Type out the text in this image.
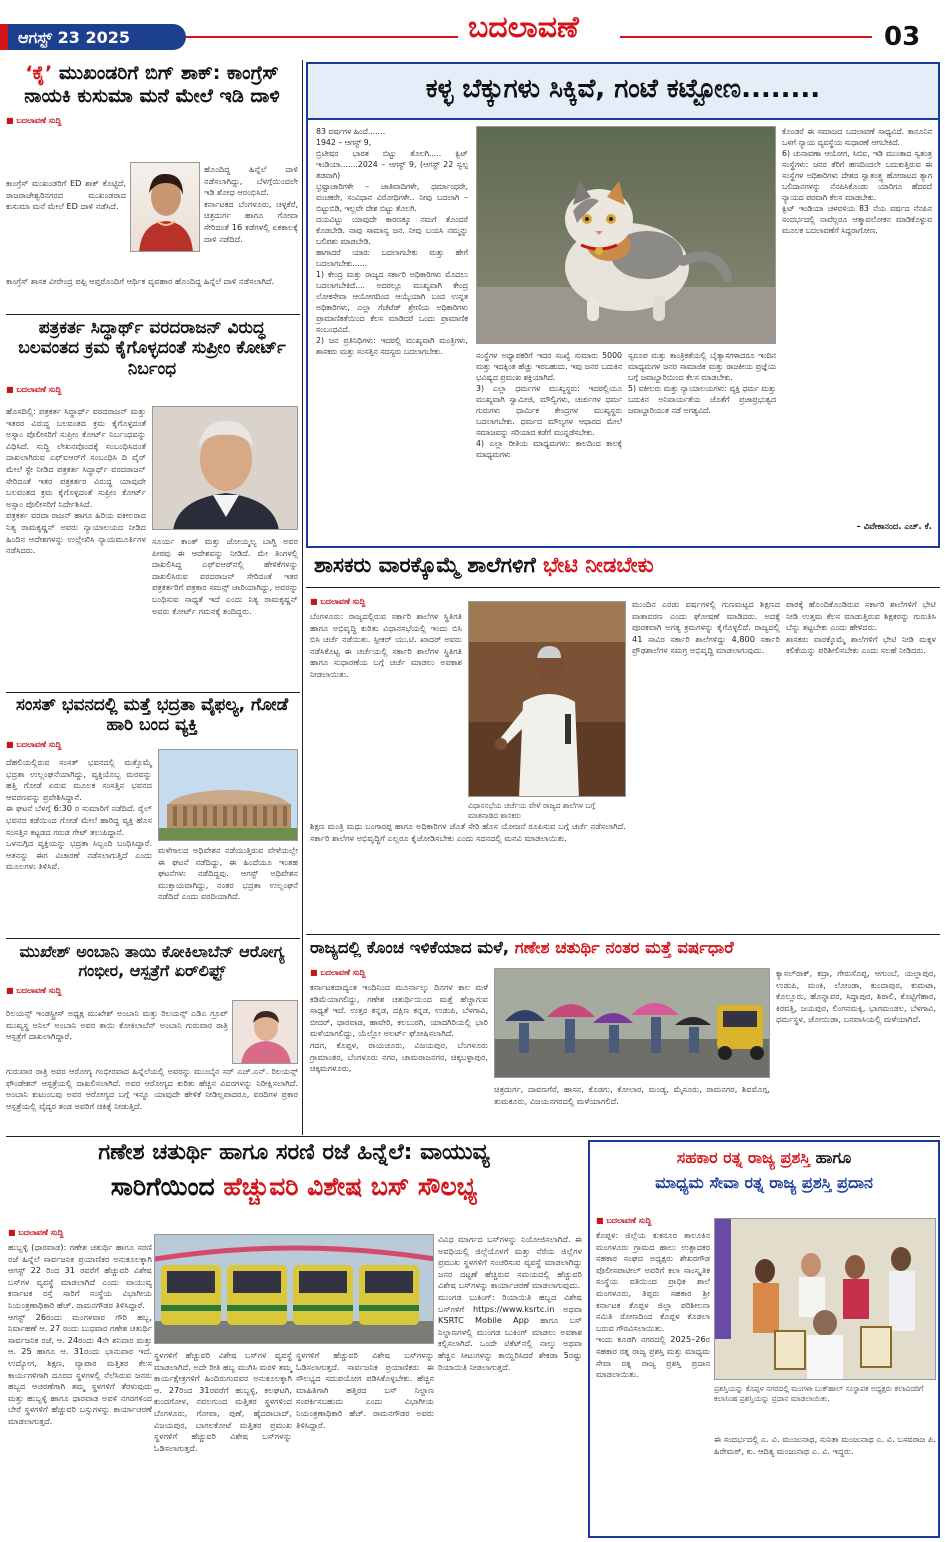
ಆಗಸ್ಟ್ 23 2025	ಬದಲಾವಣೆ	03
‘ಕೈ’ ಮುಖಂಡರಿಗೆ ಬಿಗ್ ಶಾಕ್: ಕಾಂಗ್ರೆಸ್ ನಾಯಕಿ ಕುಸುಮಾ ಮನೆ ಮೇಲೆ ಇಡಿ ದಾಳಿ
■ ಬದಲಾವಣೆ ಸುದ್ದಿ
ಕಾಂಗ್ರೆಸ್ ಮುಖಂಡರಿಗೆ ED ಶಾಕ್ ಕೊಟ್ಟಿದೆ, ರಾಜರಾಜೇಶ್ವರಿನಗರದ ಮುಖಂಡರಾದ ಕುಸುಮಾ ಮನೆ ಮೇಲೆ ED ದಾಳಿ ನಡೆಸಿದೆ.
ಹೊಂದಿದ್ದ ಹಿನ್ನೆಲೆ ದಾಳಿ ನಡೆಸಲಾಗಿದ್ದು, ಬೆಳಗ್ಗೆಯಿಂದಲೇ ಇಡಿ ಶೋಧ ಆರಂಭಿಸಿದೆ.
ಕರ್ನಾಟಕದ ಬೆಂಗಳೂರು, ಚಳ್ಳಕೆರೆ, ಚಿತ್ರದುರ್ಗ ಹಾಗೂ ಗೋವಾ ಸೇರಿದಂತೆ 16 ಕಡೆಗಳಲ್ಲಿ ಏಕಕಾಲಕ್ಕೆ ದಾಳಿ ನಡೆದಿದೆ.
ಕಾಂಗ್ರೆಸ್ ಶಾಸಕ ವೀರೇಂದ್ರ ಪಪ್ಪಿ ಆಪ್ತರೊಂದಿಗೆ ಆರ್ಥಿಕ ವ್ಯವಹಾರ ಹೊಂದಿದ್ದ ಹಿನ್ನೆಲೆ ದಾಳಿ ನಡೆಸಲಾಗಿದೆ.
ಪತ್ರಕರ್ತ ಸಿದ್ಧಾರ್ಥ್ ವರದರಾಜನ್ ವಿರುದ್ಧ ಬಲವಂತದ ಕ್ರಮ ಕೈಗೊಳ್ಳದಂತೆ ಸುಪ್ರೀಂ ಕೋರ್ಟ್ ನಿರ್ಬಂಧ
■ ಬದಲಾವಣೆ ಸುದ್ದಿ
ಹೊಸದಿಲ್ಲಿ: ಪತ್ರಕರ್ತ ಸಿದ್ಧಾರ್ಥ್ ವರದರಾಜನ್ ಮತ್ತು ಇತರರ ವಿರುದ್ಧ ಬಲವಂತದ ಕ್ರಮ ಕೈಗೊಳ್ಳದಂತೆ ಅಸ್ಸಾಂ ಪೊಲೀಸರಿಗೆ ಸುಪ್ರೀಂ ಕೋರ್ಟ್ ನಿರ್ಬಂಧವನ್ನು ವಿಧಿಸಿದೆ. ಸುದ್ದಿ ಲೇಖನವೊಂದಕ್ಕೆ ಸಂಬಂಧಿಸಿದಂತೆ ದಾಖಲಾಗಿರುವ ಎಫ್‌ಐಆರ್‌ಗೆ ಸಂಬಂಧಿಸಿ ದಿ ವೈರ್ ಮೇಲೆ ಸ್ಟೇ ನೀಡಿದ ಪತ್ರಕರ್ತ ಸಿದ್ಧಾರ್ಥ್ ವರದರಾಜನ್ ಸೇರಿದಂತೆ ಇತರ ಪತ್ರಕರ್ತರ ವಿರುದ್ಧ ಯಾವುದೇ ಬಲವಂತದ ಕ್ರಮ ಕೈಗೊಳ್ಳದಂತೆ ಸುಪ್ರೀಂ ಕೋರ್ಟ್ ಅಸ್ಸಾಂ ಪೊಲೀಸರಿಗೆ ನಿರ್ದೇಶಿಸಿದೆ.
ಪತ್ರಕರ್ತ ವರದಾ ರಾಜನ್ ಹಾಗೂ ಹಿರಿಯ ವಕೀಲರಾದ ನಿತ್ಯ ರಾಮಕೃಷ್ಣನ್ ಅವರು ನ್ಯಾಯಾಲಯದ ನೀಡಿದ ಹಿಂದಿನ ಆದೇಶಗಳನ್ನು ಉಲ್ಲೇಖಿಸಿ ನ್ಯಾಯಮೂರ್ತಿಗಳ ನಡೆಸಿದರು.
ಸೂರ್ಯ ಕಾಂತ್ ಮತ್ತು ಜೋಯ್ಮಲ್ಯ ಬಾಗ್ಚಿ ಅವರ ಪೀಠವು ಈ ಆದೇಶವನ್ನು ನೀಡಿದೆ. ಮೇ ತಿಂಗಳಲ್ಲಿ ದಾಖಲಿಸಿದ್ದ ಎಫ್‌ಐಆರ್‌ನಲ್ಲಿ ಹೇಳಿಕೆಗಳನ್ನು ದಾಖಲಿಸಿರುವ ವರದರಾಜನ್ ಸೇರಿದಂತೆ ಇತರ ಪತ್ರಕರ್ತರಿಗೆ ಪತ್ರಕಾರ ಸಮನ್ಸ್ ಜಾರಿಯಾಗಿದ್ದು, ಅವರನ್ನು ಬಂಧಿಸುವ ಸಾಧ್ಯತೆ ಇದೆ ಎಂದು ನಿತ್ಯ ರಾಮಕೃಷ್ಣನ್ ಅವರು ಕೋರ್ಟ್ ಗಮನಕ್ಕೆ ತಂದಿದ್ದರು.
ಸಂಸತ್ ಭವನದಲ್ಲಿ ಮತ್ತೆ ಭದ್ರತಾ ವೈಫಲ್ಯ, ಗೋಡೆ ಹಾರಿ ಬಂದ ವ್ಯಕ್ತಿ
■ ಬದಲಾವಣೆ ಸುದ್ದಿ
ದೆಹಲಿಯಲ್ಲಿರುವ ಸಂಸತ್ ಭವನದಲ್ಲಿ ಮತ್ತೊಮ್ಮೆ ಭದ್ರತಾ ಉಲ್ಲಂಘನೆಯಾಗಿದ್ದು, ವ್ಯಕ್ತಿಯೊಬ್ಬ ಮರವನ್ನು ಹತ್ತಿ ಗೋಡೆ ಏರುವ ಮೂಲಕ ಸಂಸತ್ತಿನ ಭವನದ ಆವರಣವನ್ನು ಪ್ರವೇಶಿಸಿದ್ದಾನೆ.
ಈ ಘಟನೆ ಬೆಳಗ್ಗೆ 6:30 ರ ಸುಮಾರಿಗೆ ನಡೆದಿದೆ. ರೈಲ್ ಭವನದ ಕಡೆಯಿಂದ ಗೋಡೆ ಮೇಲೆ ಹಾರಿದ್ದ ವ್ಯಕ್ತಿ ಹೊಸ ಸಂಸತ್ತಿನ ಕಟ್ಟಡದ ಗರುಡ ಗೇಟ್ ತಲುಪಿದ್ದಾನೆ.
ಒಳನುಗ್ಗಿದ ವ್ಯಕ್ತಿಯನ್ನು ಭದ್ರತಾ ಸಿಬ್ಬಂದಿ ಬಂಧಿಸಿದ್ದಾರೆ. ಆತನನ್ನು ಈಗ ವಿಚಾರಣೆ ನಡೆಸಲಾಗುತ್ತಿದೆ ಎಂದು ಮೂಲಗಳು ತಿಳಿಸಿವೆ.
ಮಳೆಗಾಲದ ಅಧಿವೇಶನ ನಡೆಯುತ್ತಿರುವ ವೇಳೆಯಲ್ಲೇ ಈ ಘಟನೆ ನಡೆದಿದ್ದು, ಈ ಹಿಂದೆಯೂ ಇಂತಹ ಘಟನೆಗಳು ನಡೆದಿದ್ದವು. ಆಗಸ್ಟ್ ಅಧಿವೇಶನ ಮುಕ್ತಾಯವಾಗಿದ್ದು, ನಂತರ ಭದ್ರತಾ ಉಲ್ಲಂಘನೆ ನಡೆದಿದೆ ಎಂದು ವರದಿಯಾಗಿದೆ.
ಮುಖೇಶ್ ಅಂಬಾನಿ ತಾಯಿ ಕೋಕಿಲಾಬೆನ್ ಆರೋಗ್ಯ ಗಂಭೀರ, ಆಸ್ಪತ್ರೆಗೆ ಏರ್‌ಲಿಫ್ಟ್
■ ಬದಲಾವಣೆ ಸುದ್ದಿ
ರಿಲಯನ್ಸ್ ಇಂಡಸ್ಟ್ರೀಸ್ ಅಧ್ಯಕ್ಷ ಮುಖೇಶ್ ಅಂಬಾನಿ ಮತ್ತು ರಿಲಯನ್ಸ್ ಎಡಿಎ ಗ್ರೂಪ್ ಮುಖ್ಯಸ್ಥ ಅನಿಲ್ ಅಂಬಾನಿ ಅವರ ತಾಯಿ ಕೋಕಿಲಾಬೆನ್ ಅಂಬಾನಿ ಗುರುವಾರ ರಾತ್ರಿ ಆಸ್ಪತ್ರೆಗೆ ದಾಖಲಾಗಿದ್ದಾರೆ.
ಗುರುವಾರ ರಾತ್ರಿ ಅವರ ಆರೋಗ್ಯ ಗಂಭೀರವಾದ ಹಿನ್ನೆಲೆಯಲ್ಲಿ ಅವರನ್ನು ಮುಂಬೈನ ಸರ್ ಎಚ್.ಎನ್. ರಿಲಯನ್ಸ್ ಫೌಂಡೇಶನ್ ಆಸ್ಪತ್ರೆಯಲ್ಲಿ ದಾಖಲಿಸಲಾಗಿದೆ. ಅವರ ಆರೋಗ್ಯದ ಕುರಿತು ಹೆಚ್ಚಿನ ವಿವರಗಳನ್ನು ನಿರೀಕ್ಷಿಸಲಾಗಿದೆ. ಅಂಬಾನಿ ಕುಟುಂಬವು ಅವರ ಆರೋಗ್ಯದ ಬಗ್ಗೆ ಇನ್ನೂ ಯಾವುದೇ ಹೇಳಿಕೆ ನೀಡಿಲ್ಲವಾದರೂ, ವರದಿಗಳ ಪ್ರಕಾರ ಆಸ್ಪತ್ರೆಯಲ್ಲಿ ವೈದ್ಯರ ತಂಡ ಅವರಿಗೆ ಚಿಕಿತ್ಸೆ ನೀಡುತ್ತಿದೆ.
ಕಳ್ಳ ಬೆಕ್ಕುಗಳು ಸಿಕ್ಕಿವೆ, ಗಂಟೆ ಕಟ್ಟೋಣ........
83 ವರ್ಷಗಳ ಹಿಂದೆ.......
1942 – ಆಗಸ್ಟ್ 9,
ಬ್ರಿಟೀಷರ ಭಾರತ ಬಿಟ್ಟು ತೊಲಗಿ..... ಕ್ವಿಟ್ ಇಂಡಿಯಾ.......2024 – ಆಗಸ್ಟ್ 9, (ಆಗಸ್ಟ್ 22 ಸ್ವಲ್ಪ ತಡವಾಗಿ)
ಭ್ರಷ್ಟಾಚಾರಿಗಳೇ – ಜಾತಿವಾದಿಗಳೇ, ಧರ್ಮಾಂಧರೇ, ವಂಚಕರೇ, ಸಂವಿಧಾನ ವಿರೋಧಿಗಳೇ.. ನೀವು ಬದಲಾಗಿ – ಬಿಟ್ಟುಬಿಡಿ, ಇಲ್ಲವೇ ದೇಶ ಬಿಟ್ಟು ತೊಲಗಿ.
ದಯವಿಟ್ಟು ಯಾವುದೇ ಕಾರಣಕ್ಕೂ ನಮಗೆ ತೊಂದರೆ ಕೊಡಬೇಡಿ. ನಾವು ಸಾಮಾನ್ಯ ಜನ. ನೀವು ಬಯಸಿ ನಮ್ಮನ್ನು ಬಲಿಪಶು ಮಾಡಬೇಡಿ.
ಹಾಗಾದರೆ ಯಾರು ಬದಲಾಗಬೇಕು ಮತ್ತು ಹೇಗೆ ಬದಲಾಗಬೇಕು......
1) ಕೇಂದ್ರ ಮತ್ತು ರಾಜ್ಯದ ಸರ್ಕಾರಿ ಅಧಿಕಾರಿಗಳು ಮೊದಲು ಬದಲಾಗಬೇಕಿದೆ.... ಅದರಲ್ಲೂ ಮುಖ್ಯವಾಗಿ ಕೇಂದ್ರ ಲೋಕಸೇವಾ ಆಯೋಗದಿಂದ ಆಯ್ಕೆಯಾಗಿ ಬಂದ ಉನ್ನತ ಅಧಿಕಾರಿಗಳು, ಎಲ್ಲಾ ಗೆಜೆಟೆಡ್ ಶ್ರೇಣಿಯ ಅಧಿಕಾರಿಗಳು ಪ್ರಾಮಾಣಿಕತೆಯಿಂದ ಕೆಲಸ ಮಾಡಿದರೆ ಒಂದು ಪ್ರಾಮಾಣಿಕ ಸಂಬಂಧವಿದೆ.
2) ಜನ ಪ್ರತಿನಿಧಿಗಳು: ಇದರಲ್ಲಿ ಮುಖ್ಯವಾಗಿ ಮಂತ್ರಿಗಳು, ಶಾಸಕರು ಮತ್ತು ಸಂಸತ್ತಿನ ಸದಸ್ಯರು ಬದಲಾಗಬೇಕು.	ಸಂಸ್ಥೆಗಳ ಅಧ್ಯಾಪಕರಿಗೆ ಇದರ ಸಂಖ್ಯೆ ಸುಮಾರು 5000 ಮತ್ತು ಇದಕ್ಕಿಂತ ಹೆಚ್ಚು ಇರಬಹುದು. ಇವು ಜನರ ಬದುಕಿನ ಭವಿಷ್ಯದ ಪ್ರಮುಖ ಶಕ್ತಿಯಾಗಿದೆ.
3) ಎಲ್ಲಾ ಧರ್ಮಗಳ ಮುಖ್ಯಸ್ಥರು: ಇದರಲ್ಲಿಯೂ ಮುಖ್ಯವಾಗಿ ಸ್ವಾಮೀಜಿ, ಮೌಲ್ವಿಗಳು, ಚರ್ಚುಗಳ ಧರ್ಮ ಗುರುಗಳು ಧಾರ್ಮಿಕ ಕೇಂದ್ರಗಳ ಮುಖ್ಯಸ್ಥರು ಬದಲಾಗಬೇಕು. ಧರ್ಮದ ಮೌಲ್ಯಗಳ ಆಧಾರದ ಮೇಲೆ ಸಮಾಜವನ್ನು ಸರಿಯಾದ ಕಡೆಗೆ ಮುನ್ನಡೆಸಬೇಕು.
4) ಎಲ್ಲಾ ರೀತಿಯ ಮಾಧ್ಯಮಗಳು: ಕಾಲದಿಂದ ಕಾಲಕ್ಕೆ ಮಾಧ್ಯಮಗಳು
ಸ್ವರೂಪ ಮತ್ತು ತಾಂತ್ರಿಕತೆಯಲ್ಲಿ ಬೈತ್ಯಾಸಗಳಾದರೂ ಇಂದಿನ ಮಾಧ್ಯಮಗಳ ಜನರ ಸಾಮಾಜಿಕ ಮತ್ತು ರಾಜಕೀಯ ಪ್ರಜ್ಞೆಯ ಬಗ್ಗೆ ಜವಾಬ್ದಾರಿಯಿಂದ ಕೆಲಸ ಮಾಡಬೇಕು.
5) ವಕೀಲರು ಮತ್ತು ನ್ಯಾಯಾಲಯಗಳು: ವ್ಯಕ್ತಿ ಧರ್ಮ ಮತ್ತು ಬದುಕಿನ ಅನಿವಾರ್ಯತೆಯ ಜೊತೆಗೆ ಪ್ರಜಾಪ್ರಭುತ್ವದ ಜವಾಬ್ದಾರಿಯುತ ನಡೆ ಅಗತ್ಯವಿದೆ.
ಕೊಂಡರೆ ಈ ಸಮಾಜದ ಬದಲಾವಣೆ ಸಾಧ್ಯವಿದೆ. ಕಾನೂನಿನ ಒಳಗೆ ನ್ಯಾಯ ವ್ಯವಸ್ಥೆಯ ಸುಧಾರಣೆ ಆಗಬೇಕಿದೆ.
6) ಚುನಾವಣಾ ಆಯೋಗ, ಸಿಬಿಐ, ಇಡಿ ಮುಂತಾದ ಸ್ವತಂತ್ರ ಸಂಸ್ಥೆಗಳು: ಜನರ ತೆರಿಗೆ ಹಣದಿಂದಲೇ ಬದುಕುತ್ತಿರುವ ಈ ಸಂಸ್ಥೆಗಳ ಅಧಿಕಾರಿಗಳು ದೇಶದ ಸ್ವಾತಂತ್ರ್ಯ ಹೋರಾಟದ ತ್ಯಾಗ ಬಲಿದಾನಗಳನ್ನು ನೆನಪಿಸಿಕೊಂಡು ಯಾರಿಗೂ ಹೆದರದೆ ನ್ಯಾಯದ ಪರವಾಗಿ ಕೆಲಸ ಮಾಡಬೇಕು.
ಕ್ವಿಟ್ ಇಂಡಿಯಾ ಚಳವಳಿಯ 83 ನೆಯ ವರ್ಷದ ನೆನಪಿನ ಸಂದರ್ಭದಲ್ಲಿ ನಾವೆಲ್ಲರೂ ಆತ್ಮಾವಲೋಕನ ಮಾಡಿಕೊಳ್ಳುವ ಮೂಲಕ ಬದಲಾವಣೆಗೆ ಸಿದ್ದರಾಗೋಣ.
– ವಿವೇಕಾನಂದ. ಎಚ್. ಕೆ.
ಶಾಸಕರು ವಾರಕ್ಕೊಮ್ಮೆ ಶಾಲೆಗಳಿಗೆ ಭೇಟಿ ನೀಡಬೇಕು
■ ಬದಲಾವಣೆ ಸುದ್ದಿ
ಬೆಂಗಳೂರು: ರಾಜ್ಯದಲ್ಲಿರುವ ಸರ್ಕಾರಿ ಶಾಲೆಗಳ ಸ್ಥಿತಿಗತಿ ಹಾಗೂ ಅಭಿವೃದ್ಧಿ ಕುರಿತು ವಿಧಾನಸಭೆಯಲ್ಲಿ ಇಂದು ಬಿಸಿ ಬಿಸಿ ಚರ್ಚೆ ನಡೆಯಿತು. ಸ್ಪೀಕರ್ ಯು.ಟಿ. ಖಾದರ್ ಅವರು ನಡೆಸಿಕೊಟ್ಟ ಈ ಚರ್ಚೆಯಲ್ಲಿ ಸರ್ಕಾರಿ ಶಾಲೆಗಳ ಸ್ಥಿತಿಗತಿ ಹಾಗೂ ಸುಧಾರಣೆಯ ಬಗ್ಗೆ ಚರ್ಚೆ ಮಾಡಲು ಅವಕಾಶ ನೀಡಲಾಯಿತು.
ವಿಧಾನಸಭೆಯ ಚರ್ಚೆಯ ವೇಳೆ ರಾಜ್ಯದ ಶಾಲೆಗಳ ಬಗ್ಗೆ ಮಾತನಾಡಿದ ಶಾಸಕರು
ಮುಂದಿನ ಎರಡು ವರ್ಷಗಳಲ್ಲಿ ಗುಣಮಟ್ಟದ ಶಿಕ್ಷಣದ ವಾತಾವರಣ ಎಂದು ಘೋಷಣೆ ಮಾಡಿದರು. ಅದಕ್ಕೆ ಪೂರಕವಾಗಿ ಅಗತ್ಯ ಕ್ರಮಗಳನ್ನು ಕೈಗೊಳ್ಳಲಿದೆ. ರಾಜ್ಯದಲ್ಲಿ 41 ಸಾವಿರ ಸರ್ಕಾರಿ ಶಾಲೆಗಳಿದ್ದು 4,800 ಸರ್ಕಾರಿ ಪ್ರೌಢಶಾಲೆಗಳ ಸಮಗ್ರ ಅಭಿವೃದ್ಧಿ ಮಾಡಲಾಗುವುದು.
ಪಾಠಕ್ಕೆ ಹೊಂದಿಕೊಂಡಿರುವ ಸರ್ಕಾರಿ ಶಾಲೆಗಳಿಗೆ ಭೇಟಿ ನೀಡಿ ಉತ್ತಮ ಕೆಲಸ ಮಾಡುತ್ತಿರುವ ಶಿಕ್ಷಕರನ್ನು ಗುರುತಿಸಿ ಬೆನ್ನು ತಟ್ಟಬೇಕು ಎಂದು ಹೇಳಿದರು.
ಶಾಸಕರು ವಾರಕ್ಕೊಮ್ಮೆ ಶಾಲೆಗಳಿಗೆ ಭೇಟಿ ನೀಡಿ ಮಕ್ಕಳ ಕಲಿಕೆಯನ್ನು ಪರಿಶೀಲಿಸಬೇಕು ಎಂದು ಸಲಹೆ ನೀಡಿದರು.
ಶಿಕ್ಷಣ ಮಂತ್ರಿ ಮಧು ಬಂಗಾರಪ್ಪ ಹಾಗೂ ಅಧಿಕಾರಿಗಳ ಜೊತೆ ಸೇರಿ ಹೊಸ ಯೋಜನೆ ರೂಪಿಸುವ ಬಗ್ಗೆ ಚರ್ಚೆ ನಡೆಸಲಾಗಿದೆ. ಸರ್ಕಾರಿ ಶಾಲೆಗಳ ಅಭಿವೃದ್ಧಿಗೆ ಎಲ್ಲರೂ ಕೈಜೋಡಿಸಬೇಕು ಎಂದು ಸದನದಲ್ಲಿ ಮನವಿ ಮಾಡಲಾಯಿತು.
ರಾಜ್ಯದಲ್ಲಿ ಕೊಂಚ ಇಳಿಕೆಯಾದ ಮಳೆ, ಗಣೇಶ ಚತುರ್ಥಿ ನಂತರ ಮತ್ತೆ ವರ್ಷಧಾರೆ
■ ಬದಲಾವಣೆ ಸುದ್ದಿ
ಕರ್ನಾಟಕದಾದ್ಯಂತ ಇಂದಿನಿಂದ ಮೂರ್ನಾಲ್ಕು ದಿನಗಳ ಕಾಲ ಮಳೆ ಕಡಿಮೆಯಾಗಲಿದ್ದು, ಗಣೇಶ ಚತುರ್ಥಿಯಿಂದ ಮತ್ತೆ ಹೆಚ್ಚಾಗುವ ಸಾಧ್ಯತೆ ಇದೆ. ಉತ್ತರ ಕನ್ನಡ, ದಕ್ಷಿಣ ಕನ್ನಡ, ಉಡುಪಿ, ಬೆಳಗಾವಿ, ಬೀದರ್, ಧಾರವಾಡ, ಹಾವೇರಿ, ಕಲಬುರಗಿ, ಯಾದಗಿರಿಯಲ್ಲಿ ಭಾರಿ ಮಳೆಯಾಗಲಿದ್ದು, ಯೆಲ್ಲೋ ಅಲರ್ಟ್ ಘೋಷಿಸಲಾಗಿದೆ.
ಗದಗ, ಕೊಪ್ಪಳ, ರಾಯಚೂರು, ವಿಜಯಪುರ, ಬೆಂಗಳೂರು ಗ್ರಾಮಾಂತರ, ಬೆಂಗಳೂರು ನಗರ, ಚಾಮರಾಜನಗರ, ಚಿಕ್ಕಬಳ್ಳಾಪುರ, ಚಿಕ್ಕಮಗಳೂರು,
ಚಿತ್ರದುರ್ಗ, ದಾವಣಗೆರೆ, ಹಾಸನ, ಕೊಡಗು, ಕೋಲಾರ, ಮಂಡ್ಯ, ಮೈಸೂರು, ರಾಮನಗರ, ಶಿವಮೊಗ್ಗ, ತುಮಕೂರು, ವಿಜಯನಗರದಲ್ಲಿ ಮಳೆಯಾಗಲಿದೆ.
ಕ್ಯಾಸಲ್‌ರಾಕ್, ಕದ್ರಾ, ಗೇರುಸೊಪ್ಪ, ಆಗುಂಬೆ, ಯಲ್ಲಾಪುರ, ಉಡುಪಿ, ಮಂಕಿ, ಲೋಂಡಾ, ಕುಂದಾಪುರ, ಕುಮಟಾ, ಕೊಲ್ಲೂರು, ಹೊನ್ನಾವರ, ಸಿದ್ದಾಪುರ, ಶಿರಾಲಿ, ಕೊಟ್ಟಿಗೆಹಾರ, ಕಿರವತ್ತಿ, ಜಯಪುರ, ಲಿಂಗನಮಕ್ಕಿ, ಭಾಗಮಂಡಲ, ಬೆಳಗಾವಿ, ಧರ್ಮಸ್ಥಳ, ಜೋಯಿಡಾ, ಬನವಾಸಿಯಲ್ಲಿ ಮಳೆಯಾಗಿದೆ.
ಗಣೇಶ ಚತುರ್ಥಿ ಹಾಗೂ ಸರಣಿ ರಜೆ ಹಿನ್ನೆಲೆ: ವಾಯುವ್ಯ
ಸಾರಿಗೆಯಿಂದ ಹೆಚ್ಚುವರಿ ವಿಶೇಷ ಬಸ್ ಸೌಲಭ್ಯ
■ ಬದಲಾವಣೆ ಸುದ್ದಿ
ಹುಬ್ಬಳ್ಳಿ (ಧಾರವಾಡ): ಗಣೇಶ ಚತುರ್ಥಿ ಹಾಗೂ ಸರಣಿ ರಜೆ ಹಿನ್ನೆಲೆ ಸಾರ್ವಜನಿಕ ಪ್ರಯಾಣಿಕರ ಅನುಕೂಲಕ್ಕಾಗಿ ಆಗಸ್ಟ್ 22 ರಿಂದ 31 ರವರೆಗೆ ಹೆಚ್ಚುವರಿ ವಿಶೇಷ ಬಸ್‌ಗಳ ವ್ಯವಸ್ಥೆ ಮಾಡಲಾಗಿದೆ ಎಂದು ವಾಯುವ್ಯ ಕರ್ನಾಟಕ ರಸ್ತೆ ಸಾರಿಗೆ ಸಂಸ್ಥೆಯ ವಿಭಾಗೀಯ ನಿಯಂತ್ರಣಾಧಿಕಾರಿ ಹೆಚ್. ರಾಮನಗೌಡರ ತಿಳಿಸಿದ್ದಾರೆ.
ಆಗಸ್ಟ್ 26ರಂದು ಮಂಗಳವಾರ ಗೌರಿ ಹಬ್ಬ, ನಿರ್ವಾಹಣೆ ಆ. 27 ರಂದು ಬುಧವಾರ ಗಣೇಶ ಚತುರ್ಥಿ ಸಾರ್ವಜನಿಕ ರಜೆ, ಆ. 24ರಂದು 4ನೇ ಶನಿವಾರ ಮತ್ತು ಆ. 25 ಹಾಗೂ ಆ. 31ರಂದು ಭಾನುವಾರ ಇದೆ. ಉದ್ಯೋಗ, ಶಿಕ್ಷಣ, ವ್ಯಾಪಾರ ಮತ್ತಿತರ ಕೆಲಸ ಕಾರ್ಯಗಳಿಗಾಗಿ ದೂರದ ಸ್ಥಳಗಳಲ್ಲಿ ನೆಲೆಸಿರುವ ಜನರು ಹಬ್ಬದ ಆಚರಣೆಗಾಗಿ ತಮ್ಮ ಸ್ಥಳಗಳಿಗೆ ತೆರಳುವುದು ಮತ್ತು ಹುಬ್ಬಳ್ಳಿ ಹಾಗೂ ಧಾರವಾಡ ಅವಳಿ ನಗರಗಳಿಂದ ಬೇರೆ ಸ್ಥಳಗಳಿಗೆ ಹೆಚ್ಚುವರಿ ಬಸ್ಸುಗಳನ್ನು ಕಾರ್ಯಾಚರಣೆ ಮಾಡಲಾಗುತ್ತದೆ.
ವಿವಿಧ ಮಾರ್ಗದ ಬಸ್‌ಗಳನ್ನು ನಿಯೋಜಿಸಲಾಗಿದೆ. ಈ ಅವಧಿಯಲ್ಲಿ ಜಿಲ್ಲೆಯೊಳಗೆ ಮತ್ತು ನೆರೆಯ ಜಿಲ್ಲೆಗಳ ಪ್ರಮುಖ ಸ್ಥಳಗಳಿಗೆ ಸಂಚರಿಸುವ ವ್ಯವಸ್ಥೆ ಮಾಡಲಾಗಿದ್ದು ಜನರ ದಟ್ಟಣೆ ಹೆಚ್ಚಿರುವ ಸಮಯದಲ್ಲಿ ಹೆಚ್ಚುವರಿ ವಿಶೇಷ ಬಸ್‌ಗಳನ್ನು ಕಾರ್ಯಾಚರಣೆ ಮಾಡಲಾಗುವುದು.
ಮುಂಗಡ ಬುಕಿಂಗ್: ರಿಯಾಯಿತಿ ಹಬ್ಬದ ವಿಶೇಷ ಬಸ್‌ಗಳಿಗೆ https://www.ksrtc.in ಅಥವಾ KSRTC Mobile App ಹಾಗೂ ಬಸ್ ನಿಲ್ದಾಣಗಳಲ್ಲಿ ಮುಂಗಡ ಬುಕಿಂಗ್ ಮಾಡಲು ಅವಕಾಶ ಕಲ್ಪಿಸಲಾಗಿದೆ. ಒಂದೇ ಟಿಕೆಟ್‌ನಲ್ಲಿ ನಾಲ್ಕು ಅಥವಾ ಹೆಚ್ಚಿನ ಸೀಟುಗಳನ್ನು ಕಾಯ್ದಿರಿಸಿದರೆ ಶೇಕಡಾ 5ರಷ್ಟು ರಿಯಾಯಿತಿ ನೀಡಲಾಗುತ್ತದೆ.
ಸ್ಥಳಗಳಿಗೆ ಹೆಚ್ಚುವರಿ ವಿಶೇಷ ಬಸ್‌ಗಳ ವ್ಯವಸ್ಥೆ ಮಾಡಲಾಗಿದೆ. ಅದೇ ರೀತಿ ಹಬ್ಬ ಮುಗಿಸಿ ಮರಳಿ ತಮ್ಮ ಕಾರ್ಯಕ್ಷೇತ್ರಗಳಿಗೆ ಹಿಂದಿರುಗುವವರ ಅನುಕೂಲಕ್ಕಾಗಿ ಆ. 27ರಿಂದ 31ರವರೆಗೆ ಹುಬ್ಬಳ್ಳಿ, ಕಲಘಟಗಿ, ಕುಂದಗೋಳ, ನವಲಗುಂದ ಮತ್ತಿತರ ಸ್ಥಳಗಳಿಂದ ಬೆಂಗಳೂರು, ಗೋವಾ, ಪುಣೆ, ಹೈದರಾಬಾದ್, ವಿಜಯಪುರ, ಬಾಗಲಕೋಟೆ ಮತ್ತಿತರ ಪ್ರಮುಖ ಸ್ಥಳಗಳಿಗೆ ಹೆಚ್ಚುವರಿ ವಿಶೇಷ ಬಸ್‌ಗಳನ್ನು ಓಡಿಸಲಾಗುತ್ತದೆ.
ಸ್ಥಳಗಳಿಗೆ ಹೆಚ್ಚುವರಿ ವಿಶೇಷ ಬಸ್‌ಗಳನ್ನು ಓಡಿಸಲಾಗುತ್ತದೆ. ಸಾರ್ವಜನಿಕ ಪ್ರಯಾಣಿಕರು ಈ ಸೌಲಭ್ಯದ ಸದುಪಯೋಗ ಪಡಿಸಿಕೊಳ್ಳಬೇಕು. ಹೆಚ್ಚಿನ ಮಾಹಿತಿಗಾಗಿ ಹತ್ತಿರದ ಬಸ್ ನಿಲ್ದಾಣ ಸಂಪರ್ಕಿಸಬಹುದು ಎಂದು ವಿಭಾಗೀಯ ನಿಯಂತ್ರಣಾಧಿಕಾರಿ ಹೆಚ್. ರಾಮನಗೌಡರ ಅವರು ತಿಳಿಸಿದ್ದಾರೆ.
ಸಹಕಾರ ರತ್ನ ರಾಜ್ಯ ಪ್ರಶಸ್ತಿ ಹಾಗೂ
ಮಾಧ್ಯಮ ಸೇವಾ ರತ್ನ ರಾಜ್ಯ ಪ್ರಶಸ್ತಿ ಪ್ರದಾನ
■ ಬದಲಾವಣೆ ಸುದ್ದಿ
ಕೊಪ್ಪಳ: ಜಿಲ್ಲೆಯ ಕುಕನೂರ ತಾಲೂಕಿನ ಮಂಗಳೂರು ಗ್ರಾಮದ ಹಾಲು ಉತ್ಪಾದಕರ ಸಹಕಾರ ಸಂಘದ ಅಧ್ಯಕ್ಷರು ಶೇಖರಗೌಡ ಪೊಲೀಸಪಾಟೀಲ್ ಅವರಿಗೆ ಕಲಾ ಸಾಂಸ್ಕೃತಿಕ ಸಂಸ್ಥೆಯ ವತಿಯಿಂದ ಪ್ರಾಧಿಕ ಶಾಲೆ ಮಂಗಳೂರು, ತಿಪ್ಪರು ಸಹಕಾರ ಶ್ರೀ ಕರ್ನಾಟಕ ಕೊಪ್ಪಳ ಜಿಲ್ಲಾ ಪರಿಶೀಲನಾ ಸಮಿತಿ ರೋಣದಿಂದ ಕೊಪ್ಪಳ ಕೊಡಲಾ ಬರುವ ಗೌರವಿಸಲಾಯಿತು.
ಇಂದು ಕೂಡಗಿ ನಗರದಲ್ಲಿ 2025–26ರ ಸಹಕಾರ ರತ್ನ ರಾಜ್ಯ ಪ್ರಶಸ್ತಿ ಮತ್ತು ಮಾಧ್ಯಮ ಸೇವಾ ರತ್ನ ರಾಜ್ಯ ಪ್ರಶಸ್ತಿ ಪ್ರದಾನ ಮಾಡಲಾಯಿತು.
ಪ್ರಶಸ್ತಿಯನ್ನು ಕೊಪ್ಪಳ ನಗರದಲ್ಲಿ ಮಂಗಳಾ ಬುಕ್‌ಹಾಲ್ ಸಂಸ್ಥಾಪಕ ಅಧ್ಯಕ್ಷರು ಕಲಾವಿದರಿಗೆ ಕಲಾಸಿಂಹ ಪ್ರಶಸ್ತಿಯನ್ನು ಪ್ರದಾನ ಮಾಡಲಾಯಿತು.
ಈ ಸಂದರ್ಭದಲ್ಲಿ ಎ. ವಿ. ಮಂಜುನಾಥ, ಸುನಿತಾ ಮಂಜುನಾಥ ಎ. ವಿ. ಬಸವರಾಜ ಪಿ. ಹಿರೇಮಠ್, ಕು. ಆದಿತ್ಯ ಮಂಜುನಾಥ ಎ. ವಿ. ಇದ್ದರು.
